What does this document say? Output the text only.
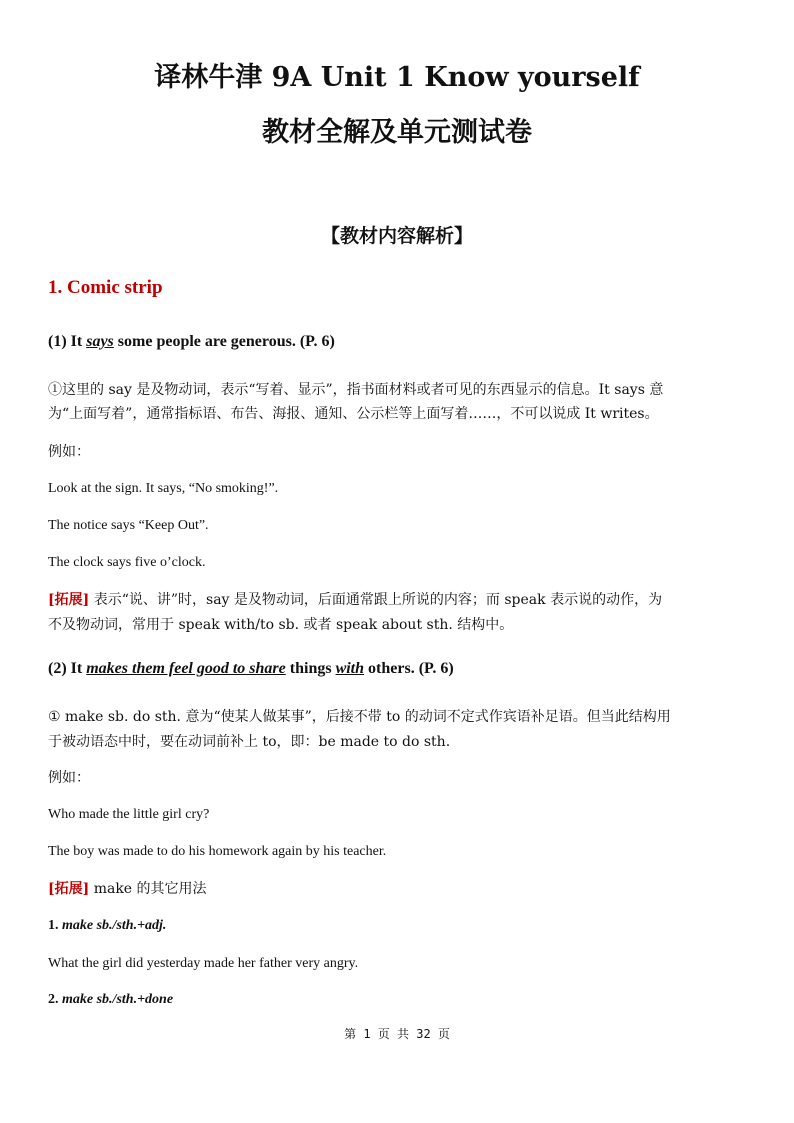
译林牛津 9A Unit 1 Know yourself
教材全解及单元测试卷
【教材内容解析】
1. Comic strip
(1) It says some people are generous. (P. 6)
①这里的 say 是及物动词，表示“写着、显示”，指书面材料或者可见的东西显示的信息。It says 意
为“上面写着”，通常指标语、布告、海报、通知、公示栏等上面写着……，不可以说成 It writes。
例如：
Look at the sign. It says, “No smoking!”.
The notice says “Keep Out”.
The clock says five o’clock.
[拓展] 表示“说、讲”时，say 是及物动词，后面通常跟上所说的内容；而 speak 表示说的动作，为
不及物动词，常用于 speak with/to sb. 或者 speak about sth. 结构中。
(2) It makes them feel good to share things with others. (P. 6)
① make sb. do sth. 意为“使某人做某事”，后接不带 to 的动词不定式作宾语补足语。但当此结构用
于被动语态中时，要在动词前补上 to，即：be made to do sth.
例如：
Who made the little girl cry?
The boy was made to do his homework again by his teacher.
[拓展] make 的其它用法
1. make sb./sth.+adj.
What the girl did yesterday made her father very angry.
2. make sb./sth.+done
第 1 页 共 32 页
